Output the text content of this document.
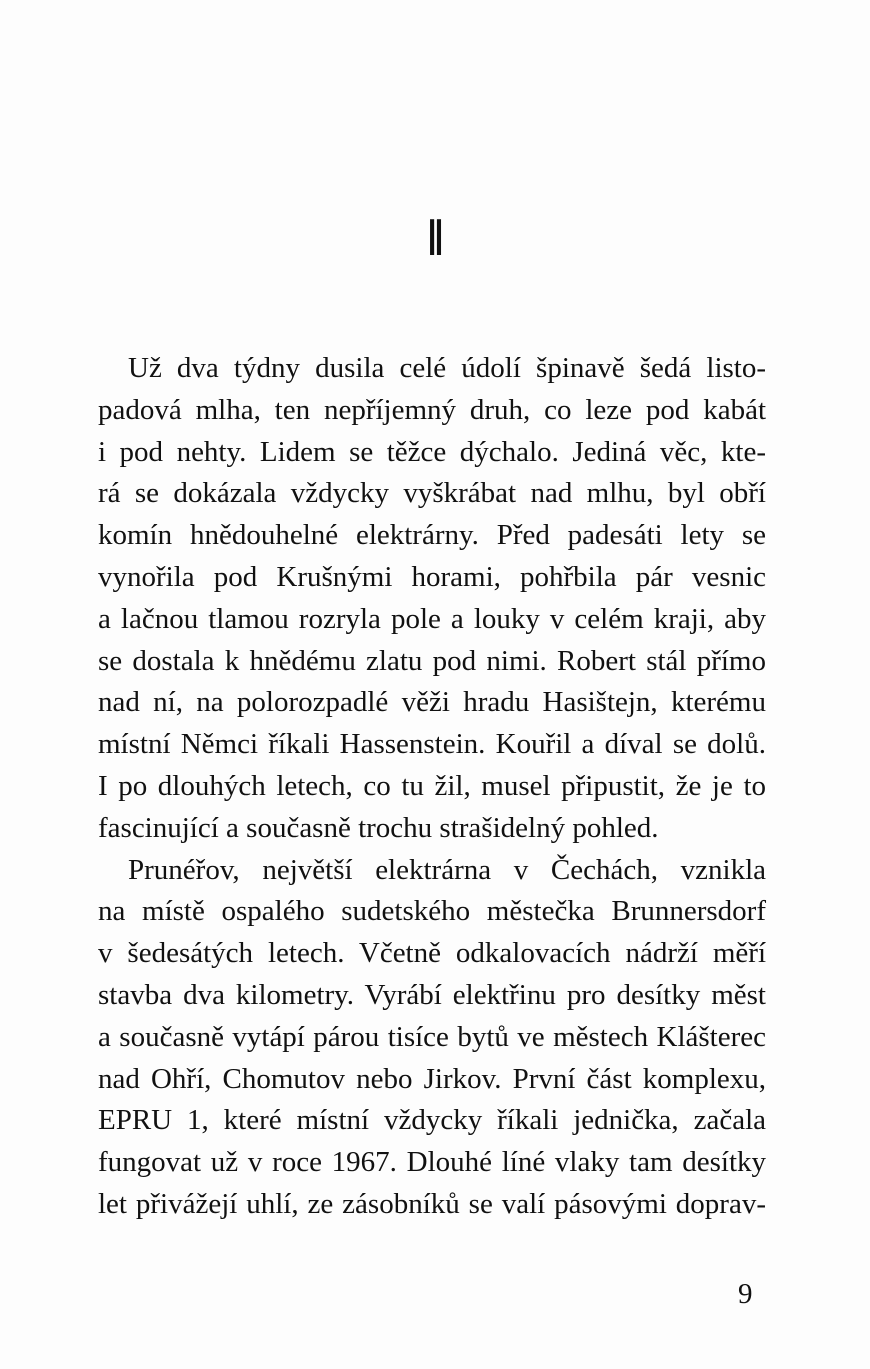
II
Už dva týdny dusila celé údolí špinavě šedá listo-
padová mlha, ten nepříjemný druh, co leze pod kabát
i pod nehty. Lidem se těžce dýchalo. Jediná věc, kte-
rá se dokázala vždycky vyškrábat nad mlhu, byl obří
komín hnědouhelné elektrárny. Před padesáti lety se
vynořila pod Krušnými horami, pohřbila pár vesnic
a lačnou tlamou rozryla pole a louky v celém kraji, aby
se dostala k hnědému zlatu pod nimi. Robert stál přímo
nad ní, na polorozpadlé věži hradu Hasištejn, kterému
místní Němci říkali Hassenstein. Kouřil a díval se dolů.
I po dlouhých letech, co tu žil, musel připustit, že je to
fascinující a současně trochu strašidelný pohled.
Prunéřov, největší elektrárna v Čechách, vznikla
na místě ospalého sudetského městečka Brunnersdorf
v šedesátých letech. Včetně odkalovacích nádrží měří
stavba dva kilometry. Vyrábí elektřinu pro desítky měst
a současně vytápí párou tisíce bytů ve městech Klášterec
nad Ohří, Chomutov nebo Jirkov. První část komplexu,
EPRU 1, které místní vždycky říkali jednička, začala
fungovat už v roce 1967. Dlouhé líné vlaky tam desítky
let přivážejí uhlí, ze zásobníků se valí pásovými doprav-
9
